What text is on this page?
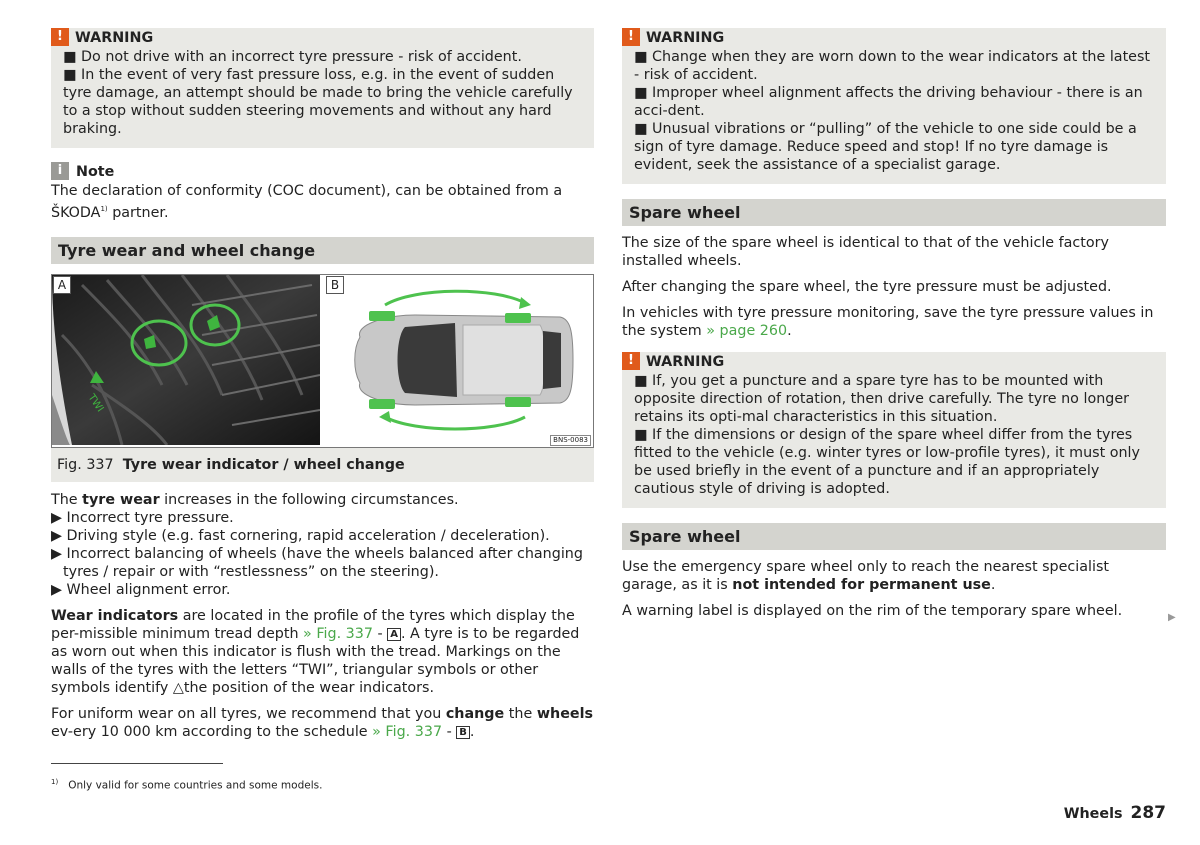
! WARNING

■ Do not drive with an incorrect tyre pressure - risk of accident.

■ In the event of very fast pressure loss, e.g. in the event of sudden tyre damage, an attempt should be made to bring the vehicle carefully to a stop without sudden steering movements and without any hard braking.

i Note

The declaration of conformity (COC document), can be obtained from a ŠKODA$^{1)}$ partner.

Tyre wear and wheel change
TWI
A	B
BNS-0083
Fig. 337 Tyre wear indicator / wheel change

The tyre wear increases in the following circumstances.

▶ Incorrect tyre pressure.

▶ Driving style (e.g. fast cornering, rapid acceleration / deceleration).

▶ Incorrect balancing of wheels (have the wheels balanced after changing tyres / repair or with “restlessness” on the steering).

▶ Wheel alignment error.

Wear indicators are located in the profile of the tyres which display the per-missible minimum tread depth » Fig. 337 - A . A tyre is to be regarded as worn out when this indicator is flush with the tread. Markings on the walls of the tyres with the letters “TWI”, triangular symbols or other symbols identify △the position of the wear indicators.

For uniform wear on all tyres, we recommend that you change the wheels ev-ery 10 000 km according to the schedule » Fig. 337 - B .

$^{1)}$ Only valid for some countries and some models.
! WARNING

■ Change when they are worn down to the wear indicators at the latest - risk of accident.

■ Improper wheel alignment affects the driving behaviour - there is an acci-dent.

■ Unusual vibrations or “pulling” of the vehicle to one side could be a sign of tyre damage. Reduce speed and stop! If no tyre damage is evident, seek the assistance of a specialist garage.

Spare wheel

The size of the spare wheel is identical to that of the vehicle factory installed wheels.

After changing the spare wheel, the tyre pressure must be adjusted.

In vehicles with tyre pressure monitoring, save the tyre pressure values in the system » page 260.

! WARNING

■ If, you get a puncture and a spare tyre has to be mounted with opposite direction of rotation, then drive carefully. The tyre no longer retains its opti-mal characteristics in this situation.

■ If the dimensions or design of the spare wheel differ from the tyres fitted to the vehicle (e.g. winter tyres or low-profile tyres), it must only be used briefly in the event of a puncture and if an appropriately cautious style of driving is adopted.

Spare wheel

Use the emergency spare wheel only to reach the nearest specialist garage, as it is not intended for permanent use.

A warning label is displayed on the rim of the temporary spare wheel.	▶
Wheels 287
